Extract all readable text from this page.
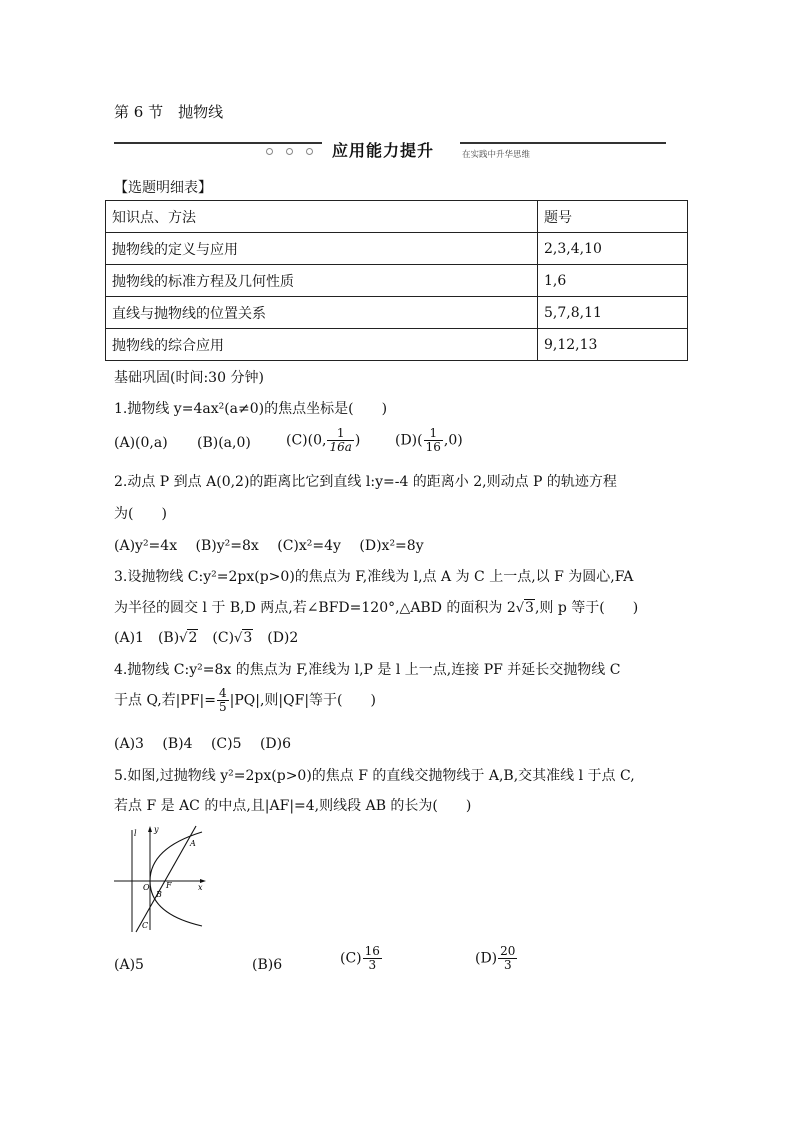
第 6 节　抛物线
应用能力提升	在实践中升华思维
【选题明细表】
知识点、方法	题号
抛物线的定义与应用	2,3,4,10
抛物线的标准方程及几何性质	1,6
直线与抛物线的位置关系	5,7,8,11
抛物线的综合应用	9,12,13
基础巩固(时间:30 分钟)
1.抛物线 y=4ax²(a≠0)的焦点坐标是(　　)
(A)(0,a) (B)(a,0)	(C)(0, $\frac{1}{16a}$ ) $(D)( \frac{1}{16} ,0)$
2.动点 P 到点 A(0,2)的距离比它到直线 l:y=-4 的距离小 2,则动点 P 的轨迹方程
为(　　)
(A)y²=4x　 (B)y²=8x　 (C)x²=4y　 (D)x²=8y
3.设抛物线 C:y²=2px(p>0)的焦点为 F,准线为 l,点 A 为 C 上一点,以 F 为圆心,FA
为半径的圆交 l 于 B,D 两点,若∠BFD=120°,△ABD 的面积为 2√3,则 p 等于(　　)
(A)1　 (B)√2　 (C)√3　 (D)2
4.抛物线 C:y²=8x 的焦点为 F,准线为 l,P 是 l 上一点,连接 PF 并延长交抛物线 C
于点 Q,若$|PF|= \frac{4}{5} |PQ|$,则|QF|等于(　　)
(A)3　 (B)4　 (C)5　 (D)6
5.如图,过抛物线 y²=2px(p>0)的焦点 F 的直线交抛物线于 A,B,交其准线 l 于点 C,
若点 F 是 AC 的中点,且|AF|=4,则线段 AB 的长为(　　)
l y
A
O
B
F	x
C
(A)5	(B)6	$(C) \frac{16}{3}$	$(D) \frac{20}{3}$
